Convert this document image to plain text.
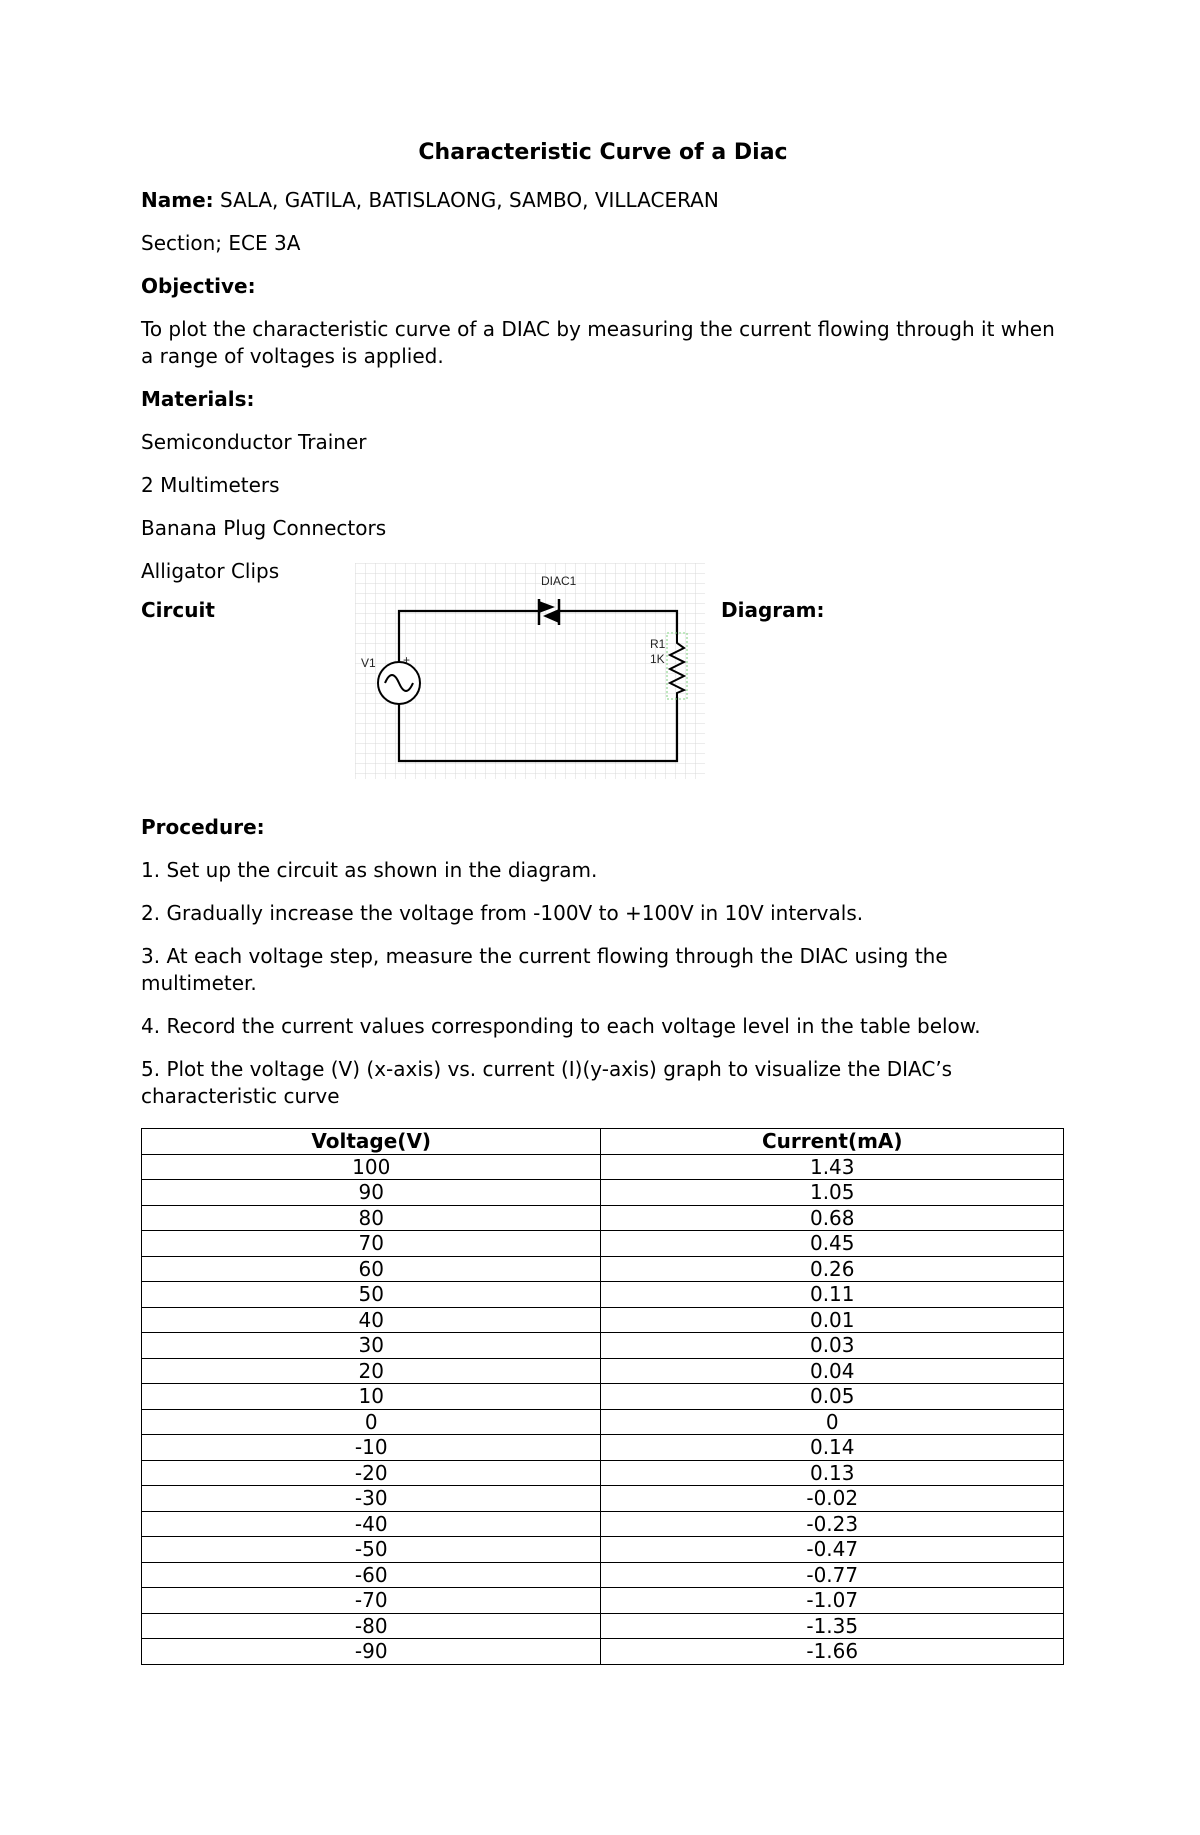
Characteristic Curve of a Diac

Name: SALA, GATILA, BATISLAONG, SAMBO, VILLACERAN

Section; ECE 3A

Objective:

To plot the characteristic curve of a DIAC by measuring the current flowing through it when a range of voltages is applied.

Materials:

Semiconductor Trainer

2 Multimeters

Banana Plug Connectors

Alligator Clips

Circuit	Diagram:
DIAC1
R1
1K
V1 +

Procedure:

1. Set up the circuit as shown in the diagram.

2. Gradually increase the voltage from -100V to +100V in 10V intervals.

3. At each voltage step, measure the current flowing through the DIAC using the multimeter.

4. Record the current values corresponding to each voltage level in the table below.

5. Plot the voltage (V) (x-axis) vs. current (I)(y-axis) graph to visualize the DIAC’s characteristic curve

Voltage(V)	Current(mA)
100	1.43
90	1.05
80	0.68
70	0.45
60	0.26
50	0.11
40	0.01
30	0.03
20	0.04
10	0.05
0	0
-10	0.14
-20	0.13
-30	-0.02
-40	-0.23
-50	-0.47
-60	-0.77
-70	-1.07
-80	-1.35
-90	-1.66
